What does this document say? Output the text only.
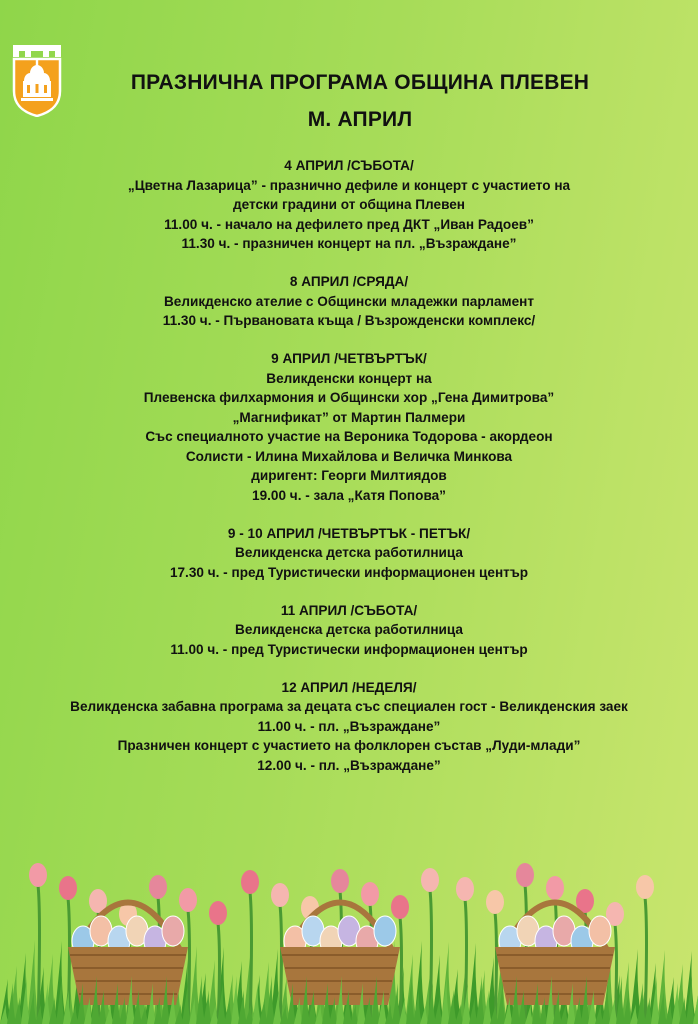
ПРАЗНИЧНА ПРОГРАМА ОБЩИНА ПЛЕВЕН
М. АПРИЛ

4 АПРИЛ /СЪБОТА/

„Цветна Лазарица” - празнично дефиле и концерт с участието на

детски градини от община Плевен

11.00 ч. - начало на дефилето пред ДКТ „Иван Радоев”

11.30 ч. - празничен концерт на пл. „Възраждане”

8 АПРИЛ /СРЯДА/

Великденско ателие с Общински младежки парламент

11.30 ч. - Първановата къща / Възрожденски комплекс/

9 АПРИЛ /ЧЕТВЪРТЪК/

Великденски концерт на

Плевенска филхармония и Общински хор „Гена Димитрова”

„Магнификат” от Мартин Палмери

Със специалното участие на Вероника Тодорова - акордеон

Солисти - Илина Михайлова и Величка Минкова

диригент: Георги Милтиядов

19.00 ч. - зала „Катя Попова”

9 - 10 АПРИЛ /ЧЕТВЪРТЪК - ПЕТЪК/

Великденска детска работилница

17.30 ч. - пред Туристически информационен център

11 АПРИЛ /СЪБОТА/

Великденска детска работилница

11.00 ч. - пред Туристически информационен център

12 АПРИЛ /НЕДЕЛЯ/

Великденска забавна програма за децата със специален гост - Великденския заек

11.00 ч. - пл. „Възраждане”

Празничен концерт с участието на фолклорен състав „Луди-млади”

12.00 ч. - пл. „Възраждане”
